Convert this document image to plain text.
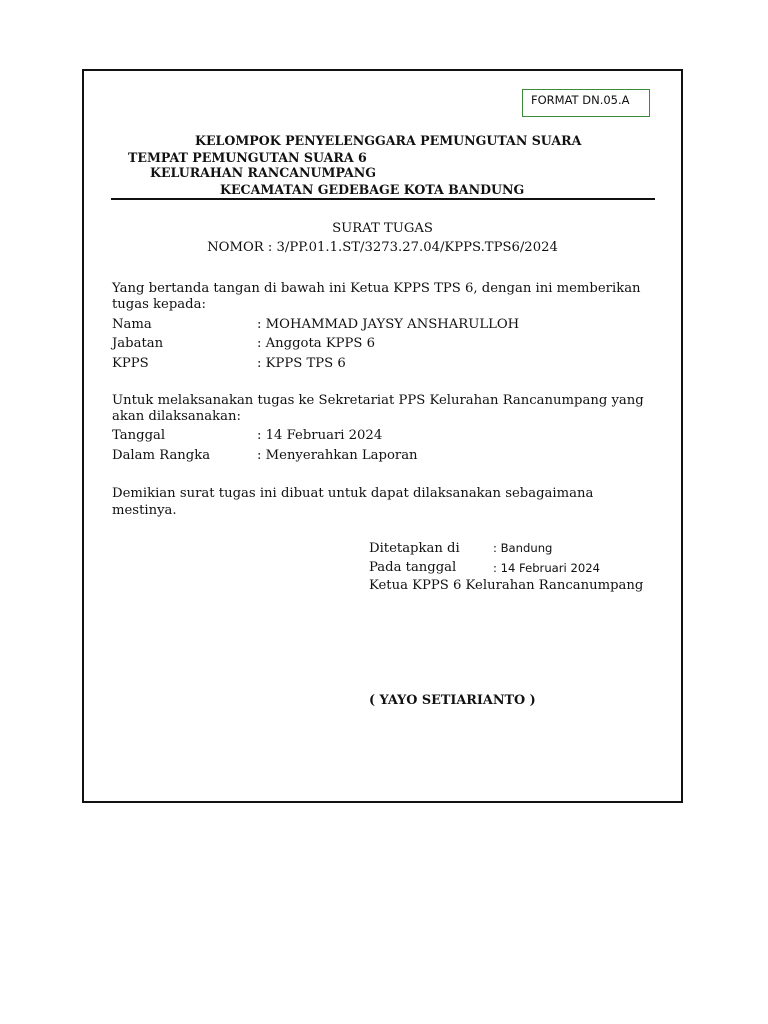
FORMAT DN.05.A
KELOMPOK PENYELENGGARA PEMUNGUTAN SUARA
TEMPAT PEMUNGUTAN SUARA 6
KELURAHAN RANCANUMPANG
KECAMATAN GEDEBAGE KOTA BANDUNG
SURAT TUGAS
NOMOR : 3/PP.01.1.ST/3273.27.04/KPPS.TPS6/2024
Yang bertanda tangan di bawah ini Ketua KPPS TPS 6, dengan ini memberikan
tugas kepada:
Nama	: MOHAMMAD JAYSY ANSHARULLOH
Jabatan	: Anggota KPPS 6
KPPS	: KPPS TPS 6
Untuk melaksanakan tugas ke Sekretariat PPS Kelurahan Rancanumpang yang
akan dilaksanakan:
Tanggal	: 14 Februari 2024
Dalam Rangka	: Menyerahkan Laporan
Demikian surat tugas ini dibuat untuk dapat dilaksanakan sebagaimana
mestinya.
Ditetapkan di	: Bandung
Pada tanggal	: 14 Februari 2024
Ketua KPPS 6 Kelurahan Rancanumpang
( YAYO SETIARIANTO )
